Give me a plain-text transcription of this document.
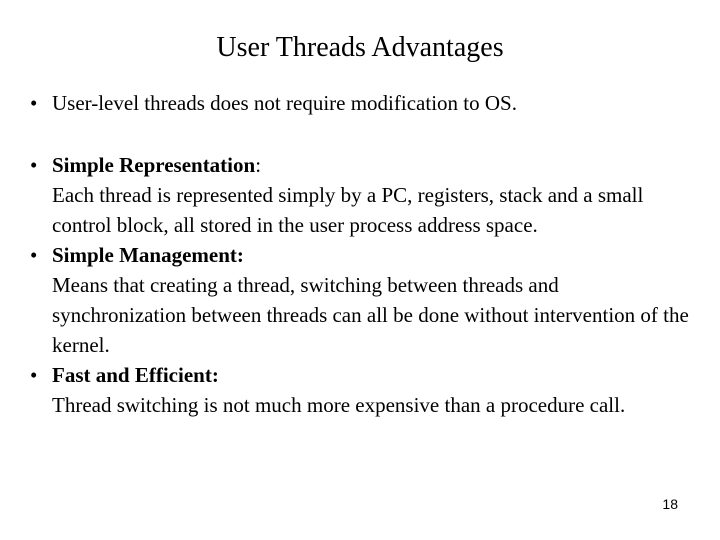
User Threads Advantages
• User-level threads does not require modification to OS.
• Simple Representation:
Each thread is represented simply by a PC, registers, stack and a small control block, all stored in the user process address space.
• Simple Management:
Means that creating a thread, switching between threads and synchronization between threads can all be done without intervention of the kernel.
• Fast and Efficient:
Thread switching is not much more expensive than a procedure call.
18
